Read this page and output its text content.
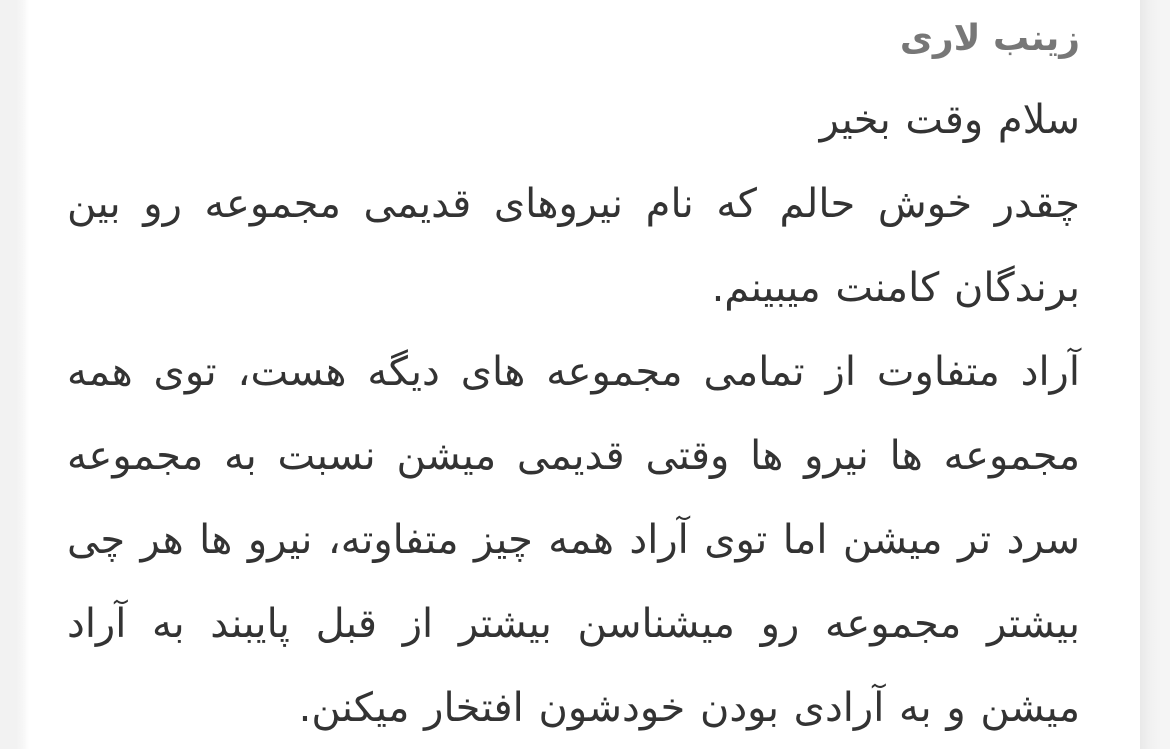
زینب لاری

سلام وقت بخیر

چقدر خوش حالم که نام نیروهای قدیمی مجموعه رو بین برندگان کامنت میبینم.

آراد متفاوت از تمامی مجموعه های دیگه هست، توی همه مجموعه ها نیرو ها وقتی قدیمی میشن نسبت به مجموعه سرد تر میشن اما توی آراد همه چیز متفاوته، نیرو ها هر چی بیشتر مجموعه رو میشناسن بیشتر از قبل پایبند به آراد میشن و به آرادی بودن خودشون افتخار میکنن.
